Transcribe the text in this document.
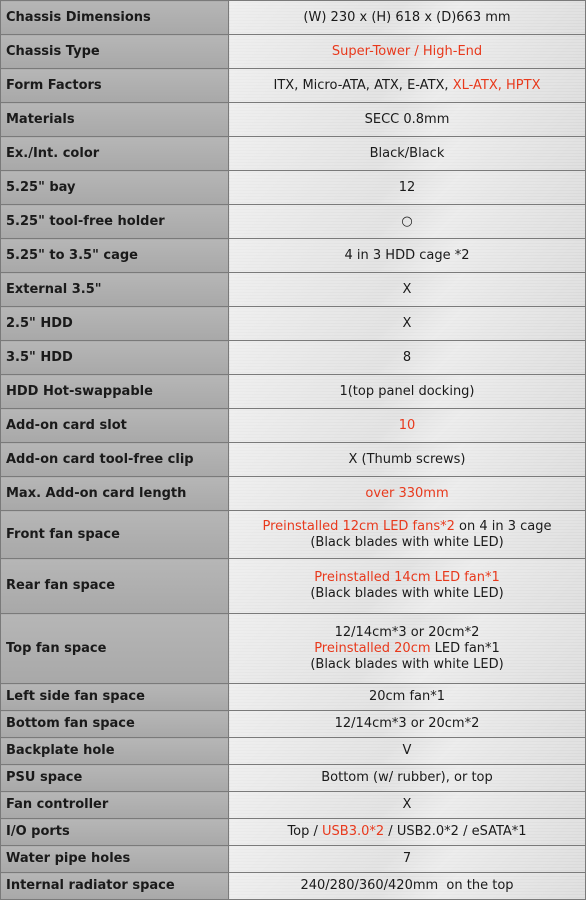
Chassis Dimensions	(W) 230 x (H) 618 x (D)663 mm

Chassis Type	Super-Tower / High-End

Form Factors	ITX, Micro-ATA, ATX, E-ATX, XL-ATX, HPTX

Materials	SECC 0.8mm

Ex./Int. color	Black/Black

5.25" bay	12

5.25" tool-free holder	○

5.25" to 3.5" cage	4 in 3 HDD cage *2

External 3.5"	X

2.5" HDD	X

3.5" HDD	8

HDD Hot-swappable	1(top panel docking)

Add-on card slot	10

Add-on card tool-free clip	X (Thumb screws)

Max. Add-on card length	over 330mm

Front fan space	Preinstalled 12cm LED fans*2 on 4 in 3 cage
(Black blades with white LED)

Rear fan space	Preinstalled 14cm LED fan*1
(Black blades with white LED)

Top fan space	12/14cm*3 or 20cm*2
Preinstalled 20cm LED fan*1
(Black blades with white LED)

Left side fan space	20cm fan*1

Bottom fan space	12/14cm*3 or 20cm*2

Backplate hole	V

PSU space	Bottom (w/ rubber), or top

Fan controller	X

I/O ports	Top / USB3.0*2 / USB2.0*2 / eSATA*1

Water pipe holes	7

Internal radiator space	240/280/360/420mm  on the top
